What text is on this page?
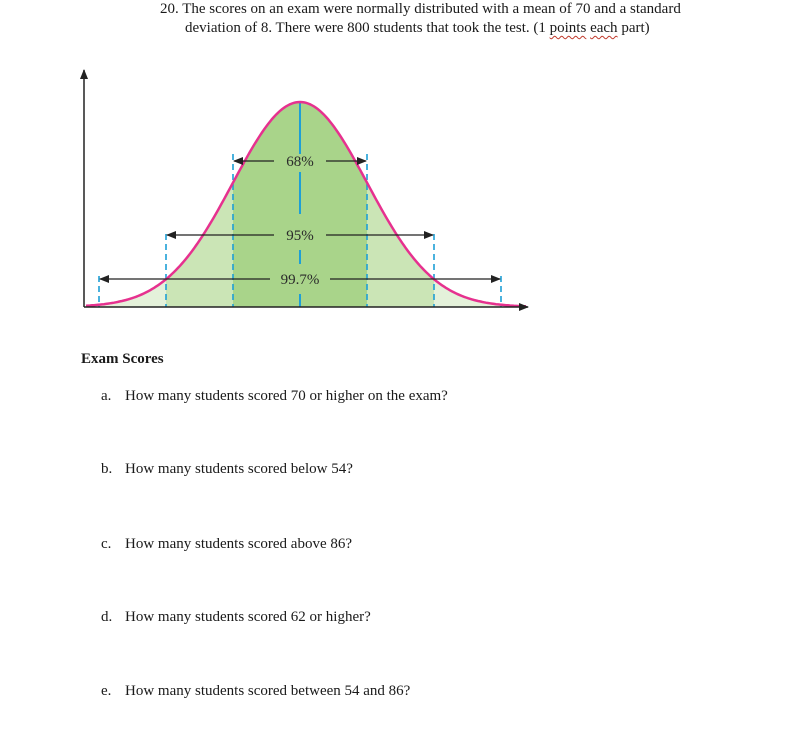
20. The scores on an exam were normally distributed with a mean of 70 and a standard
deviation of 8. There were 800 students that took the test. (1 points each part)
68%
95%
99.7%
Exam Scores
a. How many students scored 70 or higher on the exam?
b. How many students scored below 54?
c. How many students scored above 86?
d. How many students scored 62 or higher?
e. How many students scored between 54 and 86?
